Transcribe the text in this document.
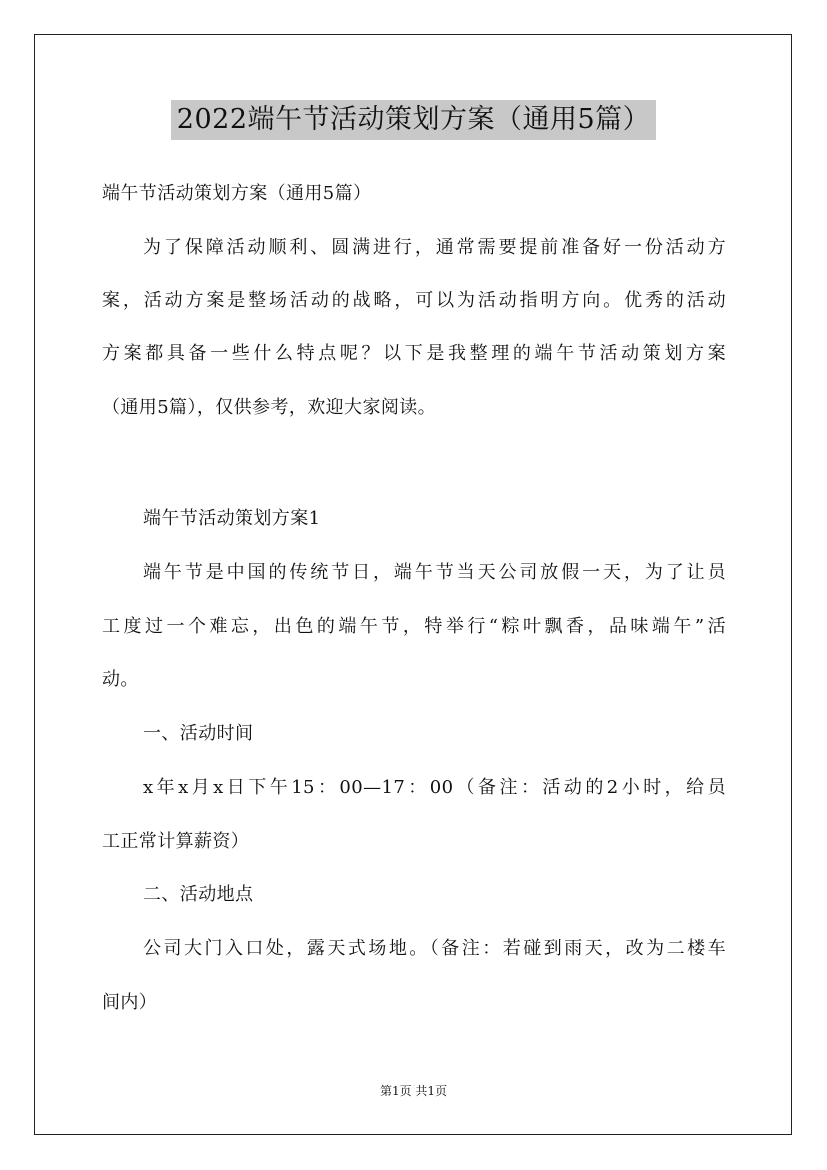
2022端午节活动策划方案（通用5篇）
端午节活动策划方案（通用5篇）
为了保障活动顺利、圆满进行，通常需要提前准备好一份活动方
案，活动方案是整场活动的战略，可以为活动指明方向。优秀的活动
方案都具备一些什么特点呢？以下是我整理的端午节活动策划方案
（通用5篇），仅供参考，欢迎大家阅读。
端午节活动策划方案1
端午节是中国的传统节日，端午节当天公司放假一天，为了让员
工度过一个难忘，出色的端午节，特举行“粽叶飘香，品味端午”活
动。
一、活动时间
x年x月x日下午15：00—17：00（备注：活动的2小时，给员
工正常计算薪资）
二、活动地点
公司大门入口处，露天式场地。（备注：若碰到雨天，改为二楼车
间内）
第1页 共1页
